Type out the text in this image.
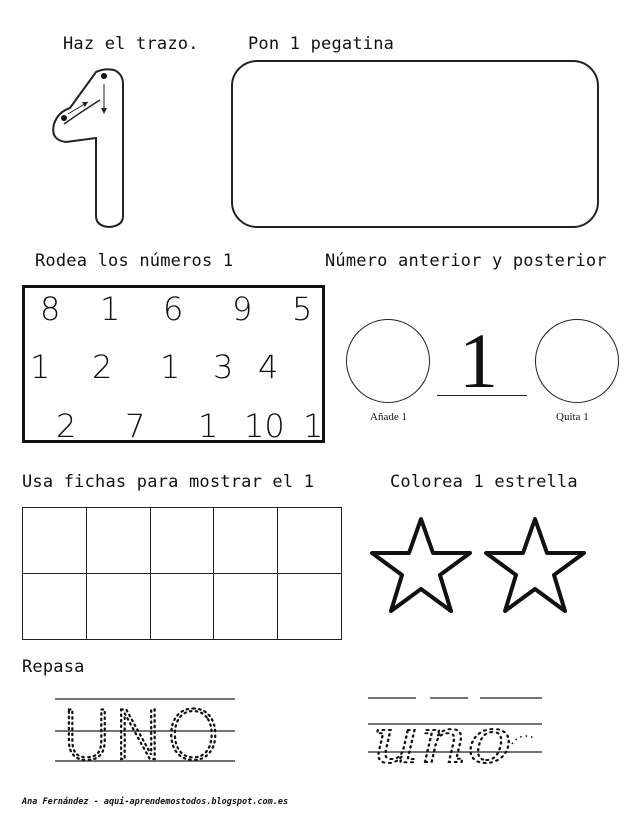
Haz el trazo.	Pon 1 pegatina
Rodea los números 1	Número anterior y posterior
Usa fichas para mostrar el 1	Colorea 1 estrella
Repasa
8 1 6 9 5
1 2 1 3 4
2 7 1 10 1
1
Añade 1	Quita 1

UNO uno
Ana Fernández - aqui-aprendemostodos.blogspot.com.es
